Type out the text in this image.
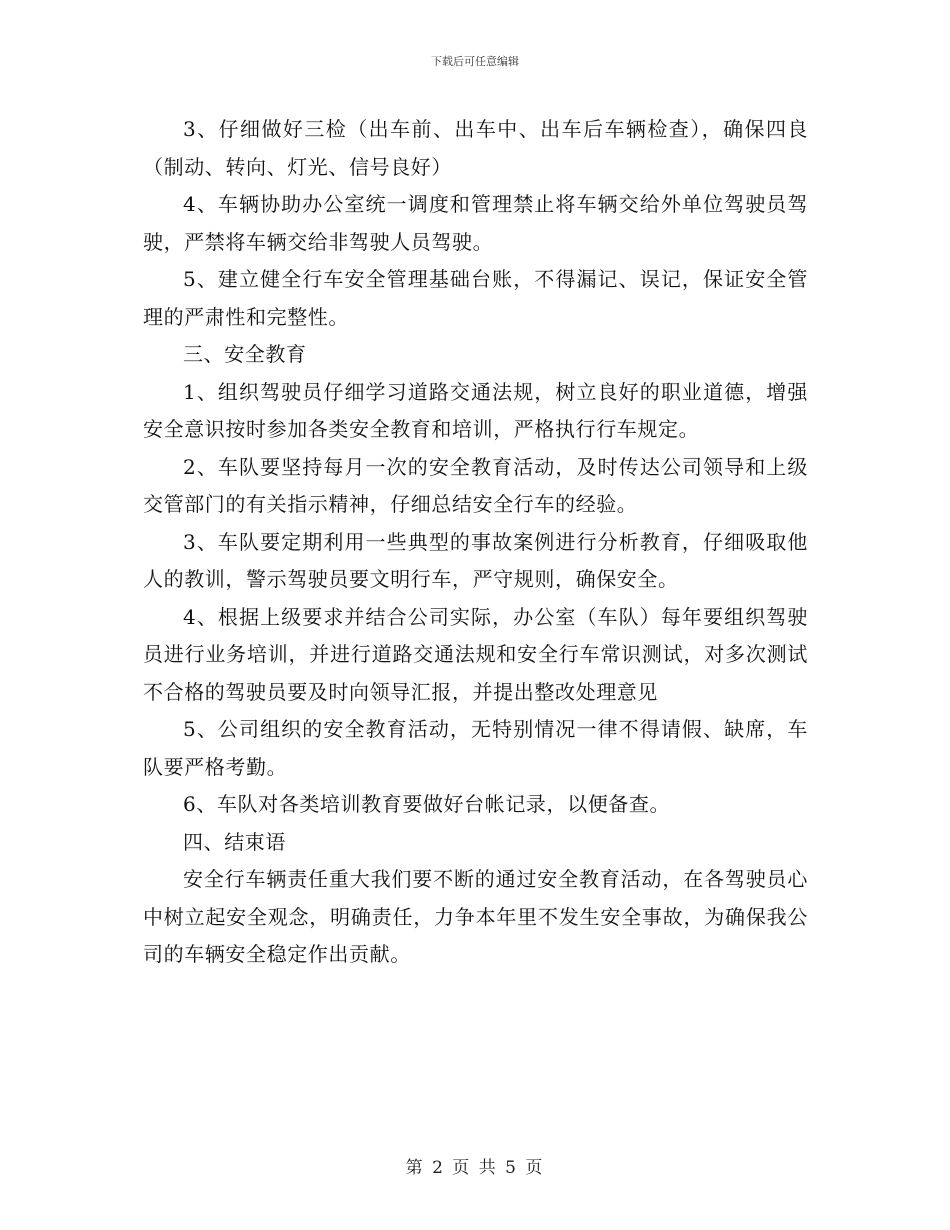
下载后可任意编辑

3、仔细做好三检（出车前、出车中、出车后车辆检查），确保四良（制动、转向、灯光、信号良好）

4、车辆协助办公室统一调度和管理禁止将车辆交给外单位驾驶员驾驶，严禁将车辆交给非驾驶人员驾驶。

5、建立健全行车安全管理基础台账，不得漏记、误记，保证安全管理的严肃性和完整性。

三、安全教育

1、组织驾驶员仔细学习道路交通法规，树立良好的职业道德，增强安全意识按时参加各类安全教育和培训，严格执行行车规定。

2、车队要坚持每月一次的安全教育活动，及时传达公司领导和上级交管部门的有关指示精神，仔细总结安全行车的经验。

3、车队要定期利用一些典型的事故案例进行分析教育，仔细吸取他人的教训，警示驾驶员要文明行车，严守规则，确保安全。

4、根据上级要求并结合公司实际，办公室（车队）每年要组织驾驶员进行业务培训，并进行道路交通法规和安全行车常识测试，对多次测试不合格的驾驶员要及时向领导汇报，并提出整改处理意见

5、公司组织的安全教育活动，无特别情况一律不得请假、缺席，车队要严格考勤。

6、车队对各类培训教育要做好台帐记录，以便备查。

四、结束语

安全行车辆责任重大我们要不断的通过安全教育活动，在各驾驶员心中树立起安全观念，明确责任，力争本年里不发生安全事故，为确保我公司的车辆安全稳定作出贡献。

第 2 页 共 5 页
